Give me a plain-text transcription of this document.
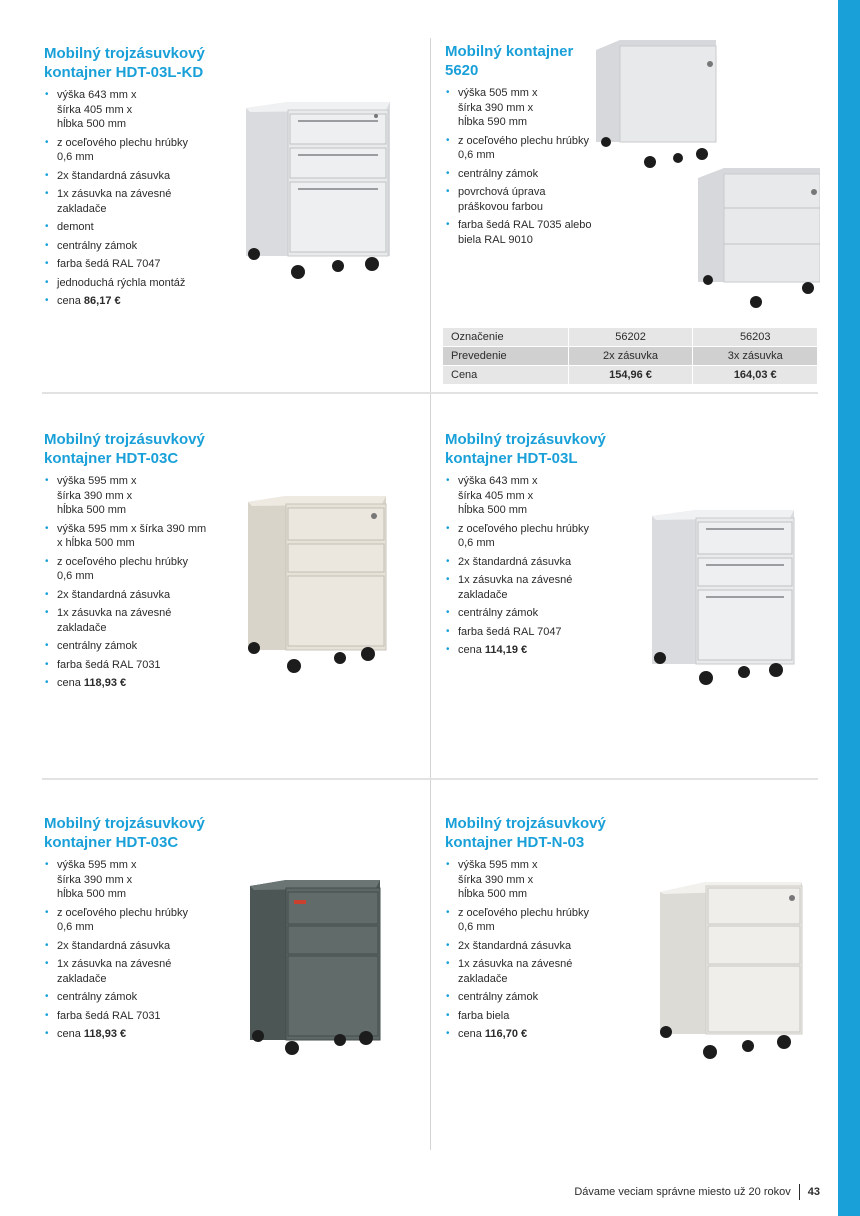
Mobilný trojzásuvkový
kontajner HDT-03L-KD
• výška 643 mm x
šírka 405 mm x
hĺbka 500 mm
• z oceľového plechu hrúbky
0,6 mm
• 2x štandardná zásuvka
• 1x zásuvka na závesné
zakladače
• demont
• centrálny zámok
• farba šedá RAL 7047
• jednoduchá rýchla montáž
• cena 86,17 €
Mobilný kontajner
5620
• výška 505 mm x
šírka 390 mm x
hĺbka 590 mm
• z oceľového plechu hrúbky
0,6 mm
• centrálny zámok
• povrchová úprava
práškovou farbou
• farba šedá RAL 7035 alebo
biela RAL 9010
Mobilný trojzásuvkový
kontajner HDT-03C
• výška 595 mm x
šírka 390 mm x
hĺbka 500 mm
• výška 595 mm x šírka 390 mm
x hĺbka 500 mm
• z oceľového plechu hrúbky
0,6 mm
• 2x štandardná zásuvka
• 1x zásuvka na závesné
zakladače
• centrálny zámok
• farba šedá RAL 7031
• cena 118,93 €
Mobilný trojzásuvkový
kontajner HDT-03L
• výška 643 mm x
šírka 405 mm x
hĺbka 500 mm
• z oceľového plechu hrúbky
0,6 mm
• 2x štandardná zásuvka
• 1x zásuvka na závesné
zakladače
• centrálny zámok
• farba šedá RAL 7047
• cena 114,19 €
Mobilný trojzásuvkový
kontajner HDT-03C
• výška 595 mm x
šírka 390 mm x
hĺbka 500 mm
• z oceľového plechu hrúbky
0,6 mm
• 2x štandardná zásuvka
• 1x zásuvka na závesné
zakladače
• centrálny zámok
• farba šedá RAL 7031
• cena 118,93 €
Mobilný trojzásuvkový
kontajner HDT-N-03
• výška 595 mm x
šírka 390 mm x
hĺbka 500 mm
• z oceľového plechu hrúbky
0,6 mm
• 2x štandardná zásuvka
• 1x zásuvka na závesné
zakladače
• centrálny zámok
• farba biela
• cena 116,70 €
Označenie	56202	56203
Prevedenie	2x zásuvka	3x zásuvka
Cena	154,96 €	164,03 €
Dávame veciam správne miesto už 20 rokov 43
